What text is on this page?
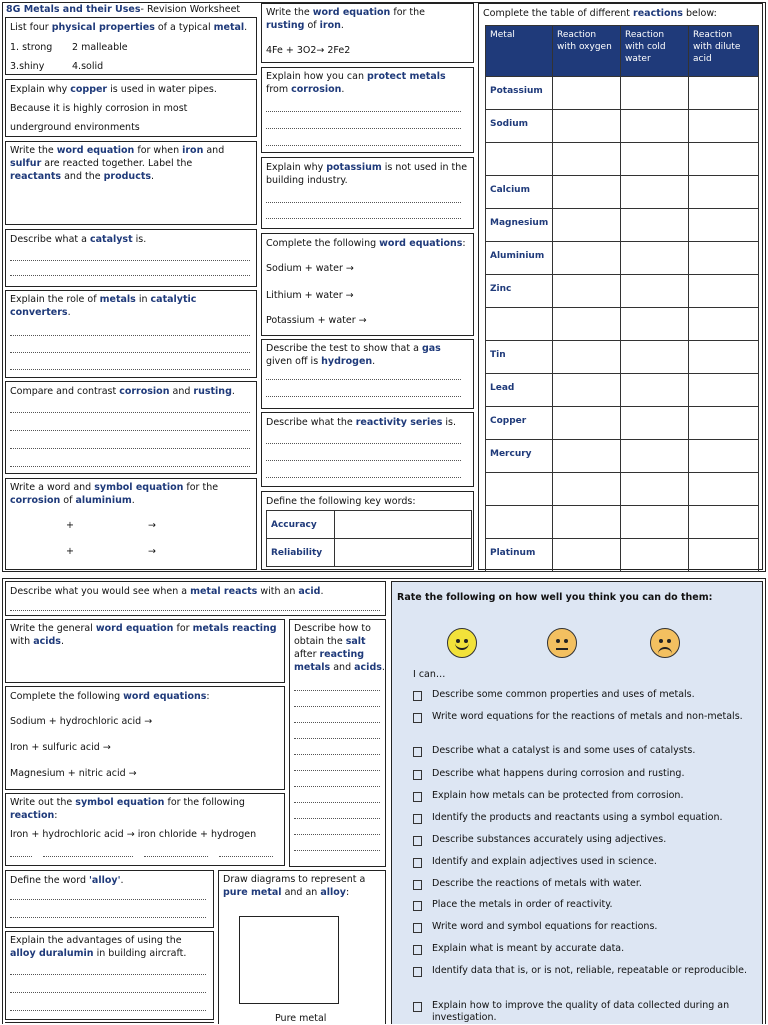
8G Metals and their Uses- Revision Worksheet
List four physical properties of a typical metal.
1. strong 2 malleable
3.shiny	4.solid
Explain why copper is used in water pipes.
Because it is highly corrosion in most
underground environments
Write the word equation for when iron and
sulfur are reacted together. Label the
reactants and the products.
Describe what a catalyst is.
Explain the role of metals in catalytic
converters.
Compare and contrast corrosion and rusting.
Write a word and symbol equation for the
corrosion of aluminium.
+	→
+	→
Write the word equation for the
rusting of iron.
4Fe + 3O2→ 2Fe2
Explain how you can protect metals
from corrosion.
Explain why potassium is not used in the
building industry.
Complete the following word equations:
Sodium + water →
Lithium + water →
Potassium + water →
Describe the test to show that a gas
given off is hydrogen.
Describe what the reactivity series is.
Define the following key words:
Accuracy	
Reliability	
Complete the table of different reactions below:
Metal	Reaction with oxygen	Reaction with cold water	Reaction with dilute acid
Potassium			
Sodium			

Calcium			
Magnesium			
Aluminium			
Zinc			

Tin			
Lead			
Copper			
Mercury			

Platinum			
Describe what you would see when a metal reacts with an acid.
Write the general word equation for metals reacting
with acids.
Describe how to
obtain the salt
after reacting
metals and acids.
Complete the following word equations:
Sodium + hydrochloric acid →
Iron + sulfuric acid →
Magnesium + nitric acid →
Write out the symbol equation for the following
reaction:
Iron + hydrochloric acid → iron chloride + hydrogen
Define the word 'alloy'.
Explain the advantages of using the
alloy duralumin in building aircraft.
Draw diagrams to represent a
pure metal and an alloy:
Pure metal
Rate the following on how well you think you can do them:
I can…
Describe some common properties and uses of metals.
Write word equations for the reactions of metals and non-metals.
Describe what a catalyst is and some uses of catalysts.
Describe what happens during corrosion and rusting.
Explain how metals can be protected from corrosion.
Identify the products and reactants using a symbol equation.
Describe substances accurately using adjectives.
Identify and explain adjectives used in science.
Describe the reactions of metals with water.
Place the metals in order of reactivity.
Write word and symbol equations for reactions.
Explain what is meant by accurate data.
Identify data that is, or is not, reliable, repeatable or reproducible.
Explain how to improve the quality of data collected during an investigation.
